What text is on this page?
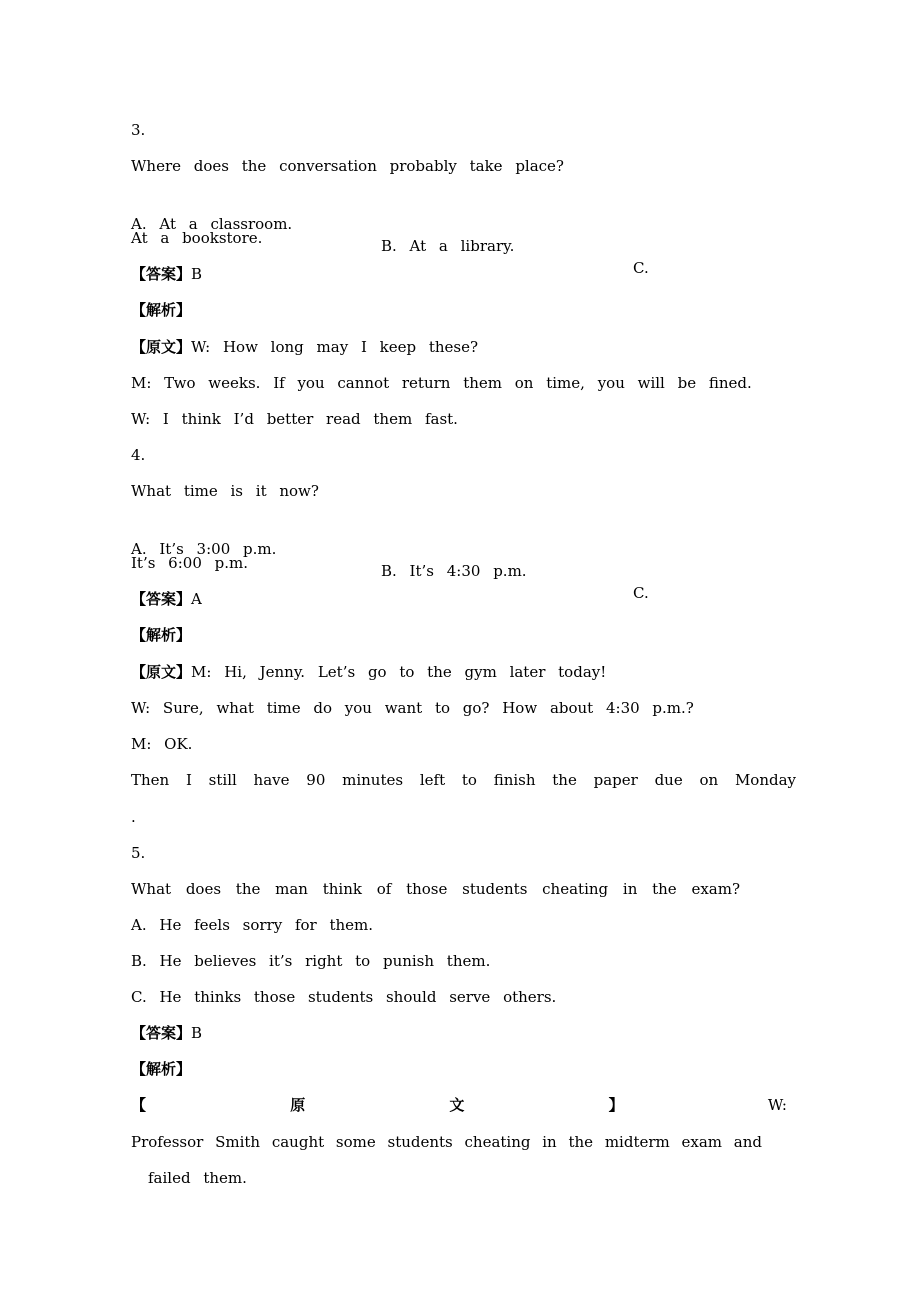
3.
Where does the conversation probably take place?

A. At a classroom.

B. At a library.

C.

At a bookstore.
【答案】B
【解析】
【原文】W: How long may I keep these?
M: Two weeks. If you cannot return them on time, you will be fined.
W: I think I’d better read them fast.
4.
What time is it now?

A. It’s 3:00 p.m.

B. It’s 4:30 p.m.

C.

It’s 6:00 p.m.
【答案】A
【解析】
【原文】M: Hi, Jenny. Let’s go to the gym later today!
W: Sure, what time do you want to go? How about 4:30 p.m.?
M: OK.
Then I still have 90 minutes left to finish the paper due on Monday
.
5.
What does the man think of those students cheating in the exam?
A. He feels sorry for them.
B. He believes it’s right to punish them.
C. He thinks those students should serve others.
【答案】B
【解析】
【	原	文	】	W:
Professor Smith caught some students cheating in the midterm exam and
failed them.
